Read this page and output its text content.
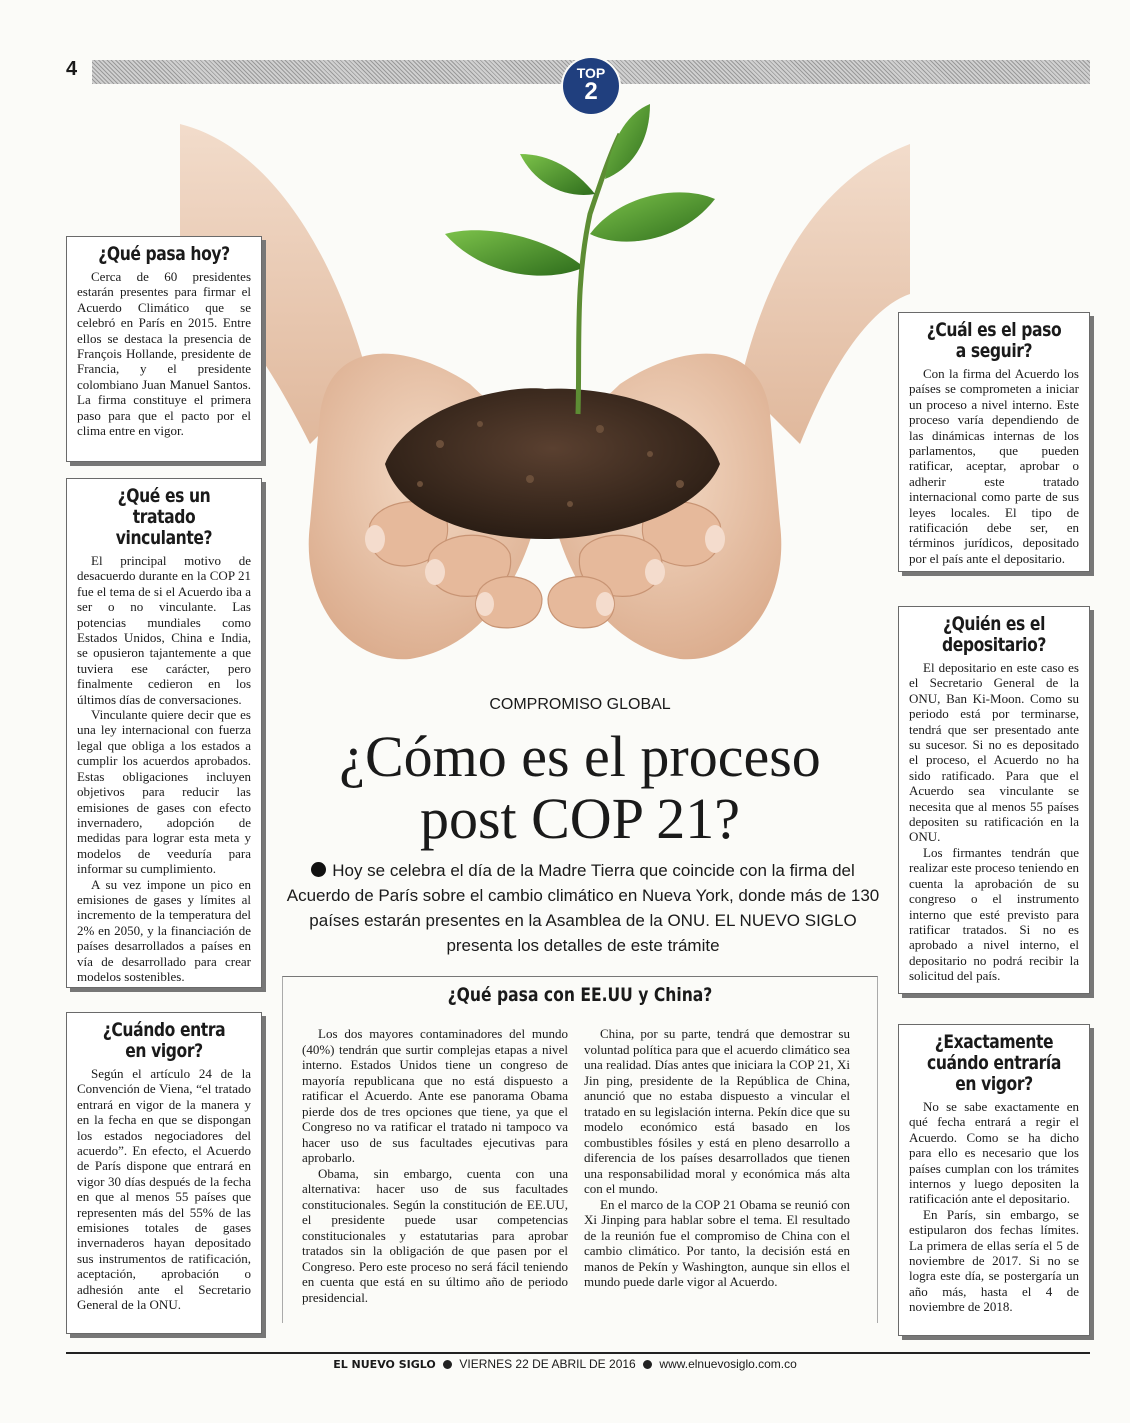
4	TOP
2
¿Qué pasa hoy?

Cerca de 60 presidentes estarán presentes para firmar el Acuerdo Climático que se celebró en París en 2015. Entre ellos se destaca la presencia de François Hollande, presidente de Francia, y el presidente colombiano Juan Manuel Santos. La firma constituye el primera paso para que el pacto por el clima entre en vigor.

¿Qué es un tratado vinculante?

El principal motivo de desacuerdo durante en la COP 21 fue el tema de si el Acuerdo iba a ser o no vinculante. Las potencias mundiales como Estados Unidos, China e India, se opusieron tajantemente a que tuviera ese carácter, pero finalmente cedieron en los últimos días de conversaciones.

Vinculante quiere decir que es una ley internacional con fuerza legal que obliga a los estados a cumplir los acuerdos aprobados. Estas obligaciones incluyen objetivos para reducir las emisiones de gases con efecto invernadero, adopción de medidas para lograr esta meta y modelos de veeduría para informar su cumplimiento.

A su vez impone un pico en emisiones de gases y límites al incremento de la temperatura del 2% en 2050, y la financiación de países desarrollados a países en vía de desarrollado para crear modelos sostenibles.

¿Cuándo entra en vigor?

Según el artículo 24 de la Convención de Viena, “el tratado entrará en vigor de la manera y en la fecha en que se dispongan los estados negociadores del acuerdo”. En efecto, el Acuerdo de París dispone que entrará en vigor 30 días después de la fecha en que al menos 55 países que representen más del 55% de las emisiones totales de gases invernaderos hayan depositado sus instrumentos de ratificación, aceptación, aprobación o adhesión ante el Secretario General de la ONU.

¿Cuál es el paso a seguir?

Con la firma del Acuerdo los países se comprometen a iniciar un proceso a nivel interno. Este proceso varía dependiendo de las dinámicas internas de los parlamentos, que pueden ratificar, aceptar, aprobar o adherir este tratado internacional como parte de sus leyes locales. El tipo de ratificación debe ser, en términos jurídicos, depositado por el país ante el depositario.

¿Quién es el depositario?

El depositario en este caso es el Secretario General de la ONU, Ban Ki-Moon. Como su periodo está por terminarse, tendrá que ser presentado ante su sucesor. Si no es depositado el proceso, el Acuerdo no ha sido ratificado. Para que el Acuerdo sea vinculante se necesita que al menos 55 países depositen su ratificación en la ONU.

Los firmantes tendrán que realizar este proceso teniendo en cuenta la aprobación de su congreso o el instrumento interno que esté previsto para ratificar tratados. Si no es aprobado a nivel interno, el depositario no podrá recibir la solicitud del país.

¿Exactamente cuándo entraría en vigor?

No se sabe exactamente en qué fecha entrará a regir el Acuerdo. Como se ha dicho para ello es necesario que los países cumplan con los trámites internos y luego depositen la ratificación ante el depositario.

En París, sin embargo, se estipularon dos fechas límites. La primera de ellas sería el 5 de noviembre de 2017. Si no se logra este día, se postergaría un año más, hasta el 4 de noviembre de 2018.

COMPROMISO GLOBAL
¿Cómo es el proceso
post COP 21?
Hoy se celebra el día de la Madre Tierra que coincide con la firma del Acuerdo de París sobre el cambio climático en Nueva York, donde más de 130 países estarán presentes en la Asamblea de la ONU. EL NUEVO SIGLO presenta los detalles de este trámite
¿Qué pasa con EE.UU y China?

Los dos mayores contaminadores del mundo (40%) tendrán que surtir complejas etapas a nivel interno. Estados Unidos tiene un congreso de mayoría republicana que no está dispuesto a ratificar el Acuerdo. Ante ese panorama Obama pierde dos de tres opciones que tiene, ya que el Congreso no va ratificar el tratado ni tampoco va hacer uso de sus facultades ejecutivas para aprobarlo.

Obama, sin embargo, cuenta con una alternativa: hacer uso de sus facultades constitucionales. Según la constitución de EE.UU, el presidente puede usar competencias constitucionales y estatutarias para aprobar tratados sin la obligación de que pasen por el Congreso. Pero este proceso no será fácil teniendo en cuenta que está en su último año de periodo presidencial.

China, por su parte, tendrá que demostrar su voluntad política para que el acuerdo climático sea una realidad. Días antes que iniciara la COP 21, Xi Jin ping, presidente de la República de China, anunció que no estaba dispuesto a vincular el tratado en su legislación interna. Pekín dice que su modelo económico está basado en los combustibles fósiles y está en pleno desarrollo a diferencia de los países desarrollados que tienen una responsabilidad moral y económica más alta con el mundo.

En el marco de la COP 21 Obama se reunió con Xi Jinping para hablar sobre el tema. El resultado de la reunión fue el compromiso de China con el cambio climático. Por tanto, la decisión está en manos de Pekín y Washington, aunque sin ellos el mundo puede darle vigor al Acuerdo.

EL NUEVO SIGLO VIERNES 22 DE ABRIL DE 2016 www.elnuevosiglo.com.co
